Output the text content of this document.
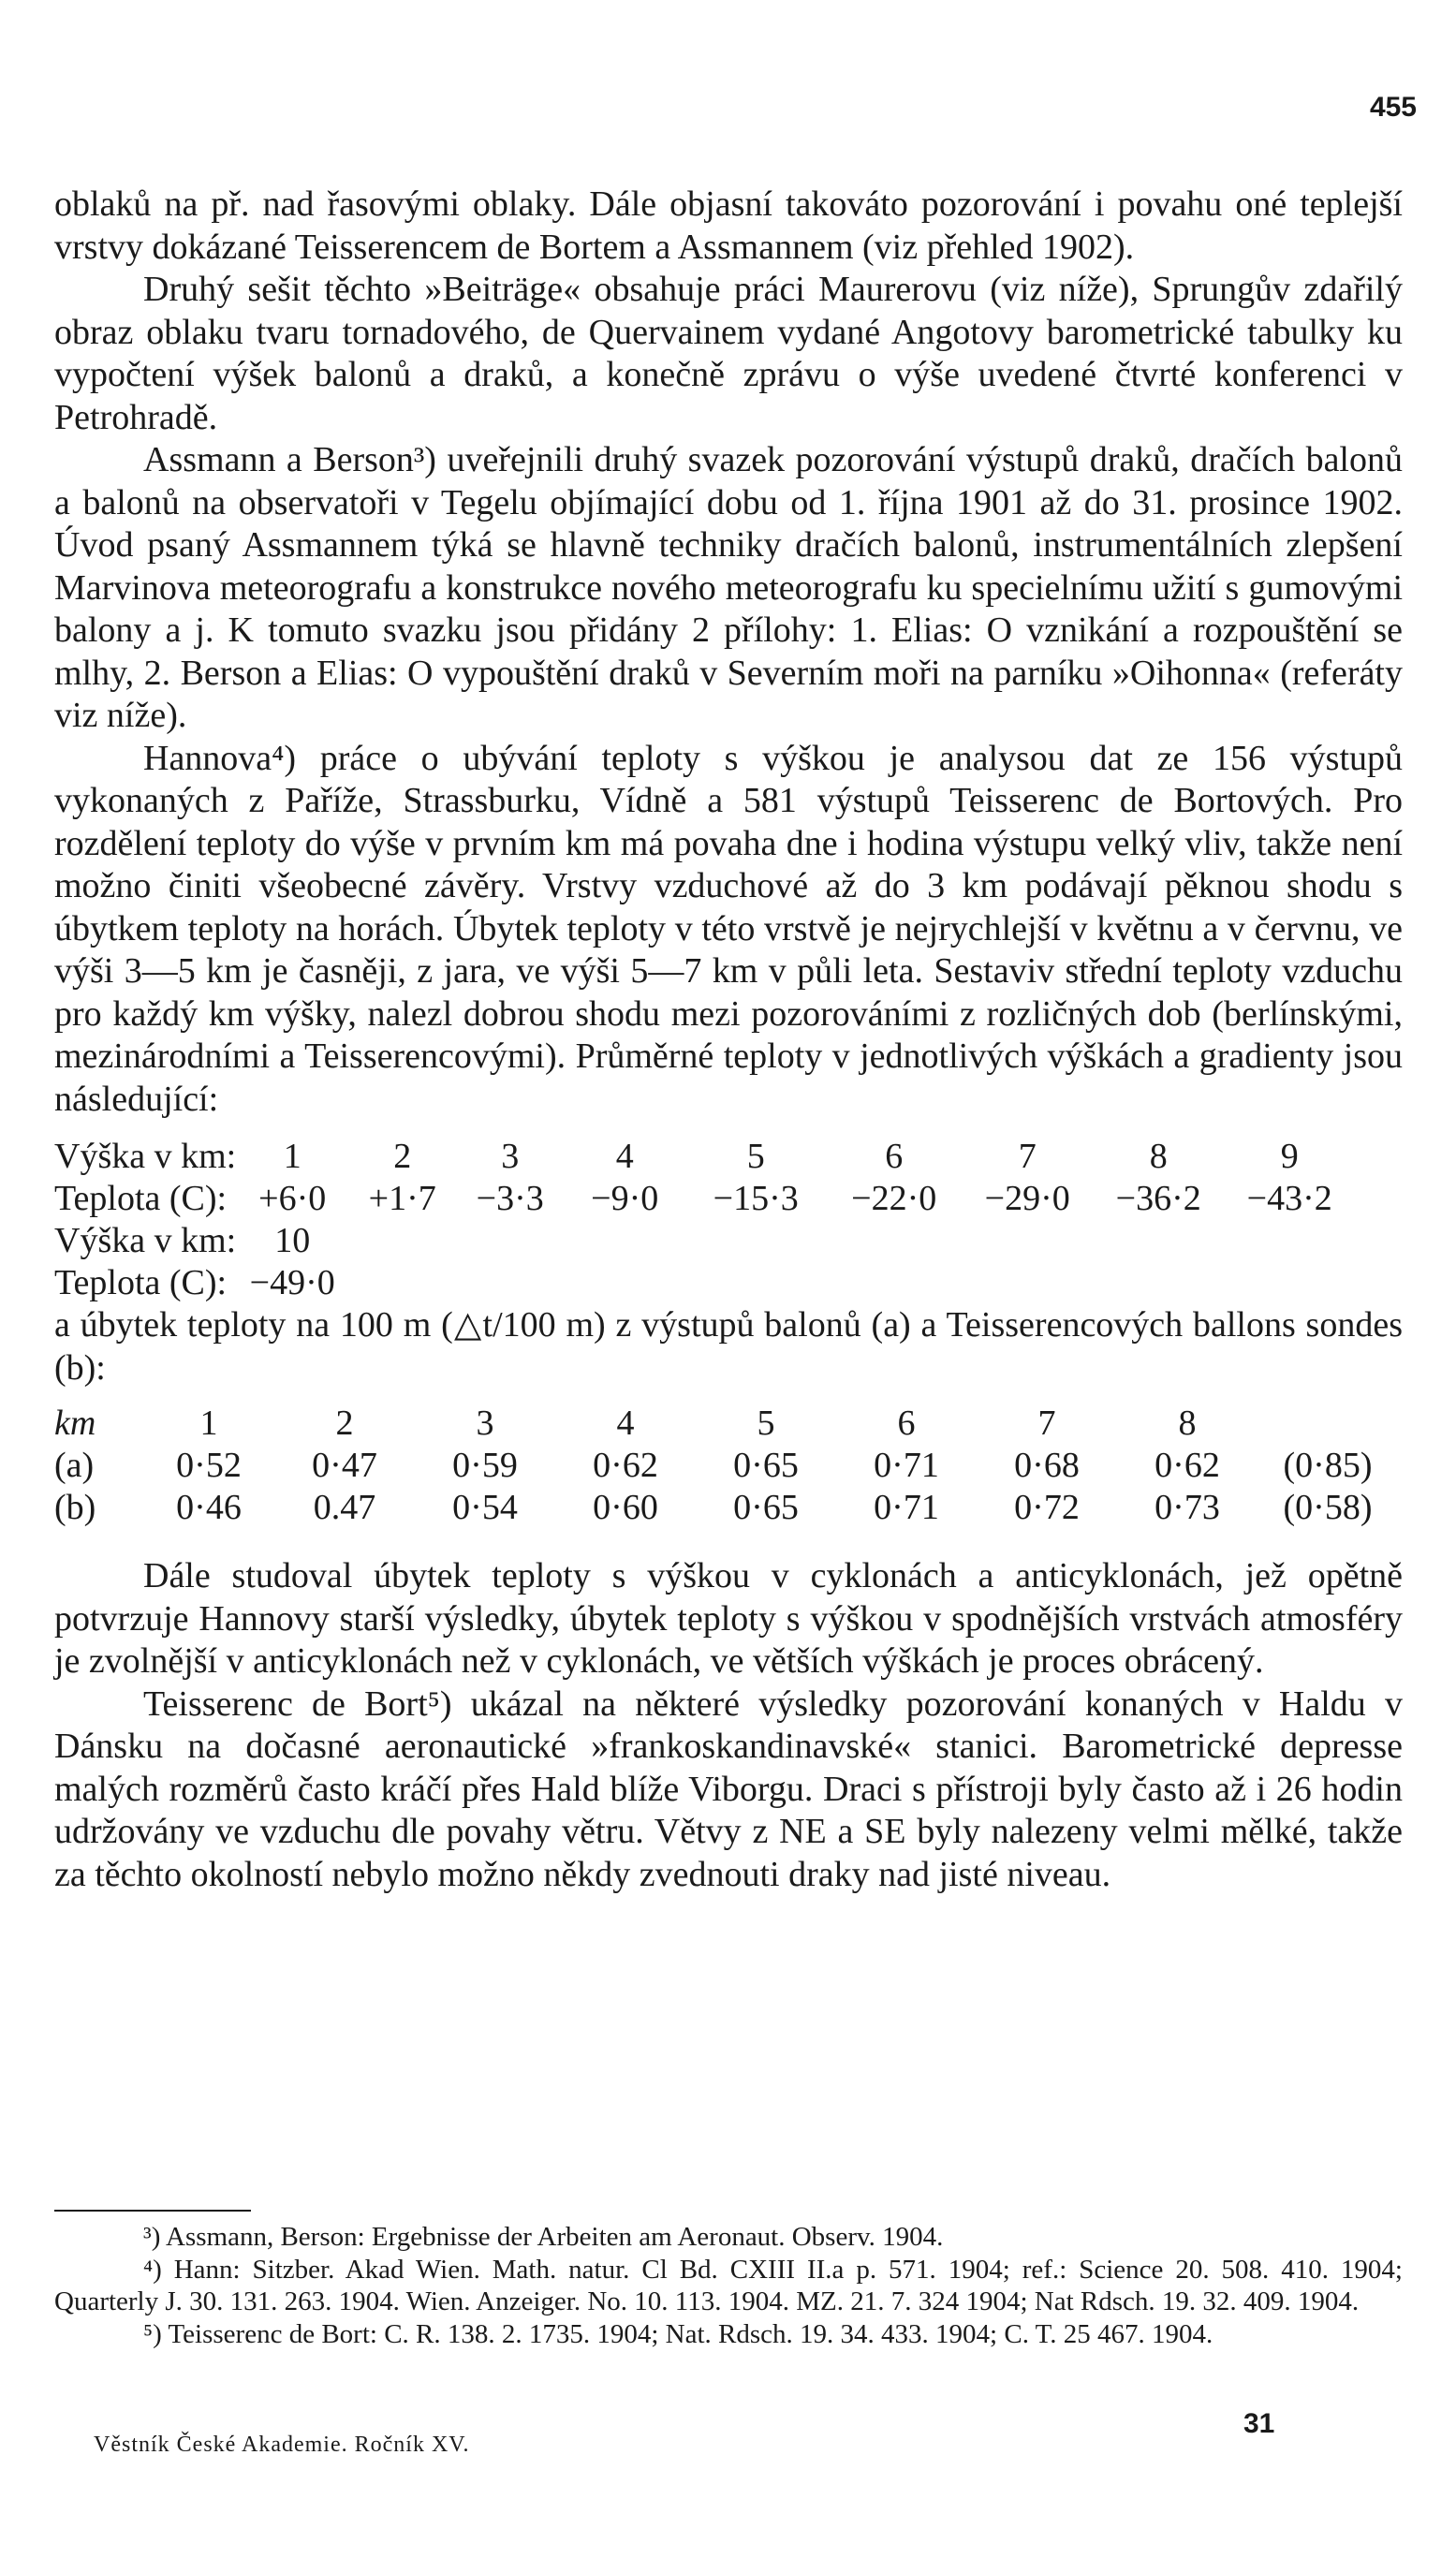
455

oblaků na př. nad řasovými oblaky. Dále objasní takováto pozorování i povahu oné teplejší vrstvy dokázané Teisserencem de Bortem a Assmannem (viz přehled 1902).

Druhý sešit těchto »Beiträge« obsahuje práci Maurerovu (viz níže), Sprungův zdařilý obraz oblaku tvaru tornadového, de Quervainem vydané Angotovy barometrické tabulky ku vypočtení výšek balonů a draků, a konečně zprávu o výše uvedené čtvrté konferenci v Petrohradě.

Assmann a Berson³) uveřejnili druhý svazek pozorování výstupů draků, dračích balonů a balonů na observatoři v Tegelu objímající dobu od 1. října 1901 až do 31. prosince 1902. Úvod psaný Assmannem týká se hlavně techniky dračích balonů, instrumentálních zlepšení Marvinova meteorografu a konstrukce nového meteorografu ku specielnímu užití s gumovými balony a j. K tomuto svazku jsou přidány 2 přílohy: 1. Elias: O vznikání a rozpouštění se mlhy, 2. Berson a Elias: O vypouštění draků v Severním moři na parníku »Oihonna« (referáty viz níže).

Hannova⁴) práce o ubývání teploty s výškou je analysou dat ze 156 výstupů vykonaných z Paříže, Strassburku, Vídně a 581 výstupů Teisserenc de Bortových. Pro rozdělení teploty do výše v prvním km má povaha dne i hodina výstupu velký vliv, takže není možno činiti všeobecné závěry. Vrstvy vzduchové až do 3 km podávají pěknou shodu s úbytkem teploty na horách. Úbytek teploty v této vrstvě je nejrychlejší v květnu a v červnu, ve výši 3—5 km je časněji, z jara, ve výši 5—7 km v půli leta. Sestaviv střední teploty vzduchu pro každý km výšky, nalezl dobrou shodu mezi pozorováními z rozličných dob (berlínskými, mezinárodními a Teisserencovými). Průměrné teploty v jednotlivých výškách a gradienty jsou následující:

Výška v km:	1	2	3	4	5	6	7	8	9
Teplota (C):	+6·0	+1·7	−3·3	−9·0	−15·3	−22·0	−29·0	−36·2	−43·2
Výška v km:	10								
Teplota (C):	−49·0								

a úbytek teploty na 100 m (△t/100 m) z výstupů balonů (a) a Teisserencových ballons sondes (b):

km	1	2	3	4	5	6	7	8	
(a)	0·52	0·47	0·59	0·62	0·65	0·71	0·68	0·62	(0·85)
(b)	0·46	0.47	0·54	0·60	0·65	0·71	0·72	0·73	(0·58)

Dále studoval úbytek teploty s výškou v cyklonách a anticyklonách, jež opětně potvrzuje Hannovy starší výsledky, úbytek teploty s výškou v spodnějších vrstvách atmosféry je zvolnější v anticyklonách než v cyklonách, ve větších výškách je proces obrácený.

Teisserenc de Bort⁵) ukázal na některé výsledky pozorování konaných v Haldu v Dánsku na dočasné aeronautické »frankoskandinavské« stanici. Barometrické depresse malých rozměrů často kráčí přes Hald blíže Viborgu. Draci s přístroji byly často až i 26 hodin udržovány ve vzduchu dle povahy větru. Větvy z NE a SE byly nalezeny velmi mělké, takže za těchto okolností nebylo možno někdy zvednouti draky nad jisté niveau.

³) Assmann, Berson: Ergebnisse der Arbeiten am Aeronaut. Observ. 1904.

⁴) Hann: Sitzber. Akad Wien. Math. natur. Cl Bd. CXIII II.a p. 571. 1904; ref.: Science 20. 508. 410. 1904; Quarterly J. 30. 131. 263. 1904. Wien. Anzeiger. No. 10. 113. 1904. MZ. 21. 7. 324 1904; Nat Rdsch. 19. 32. 409. 1904.

⁵) Teisserenc de Bort: C. R. 138. 2. 1735. 1904; Nat. Rdsch. 19. 34. 433. 1904; C. T. 25 467. 1904.

31
Věstník České Akademie. Ročník XV.
